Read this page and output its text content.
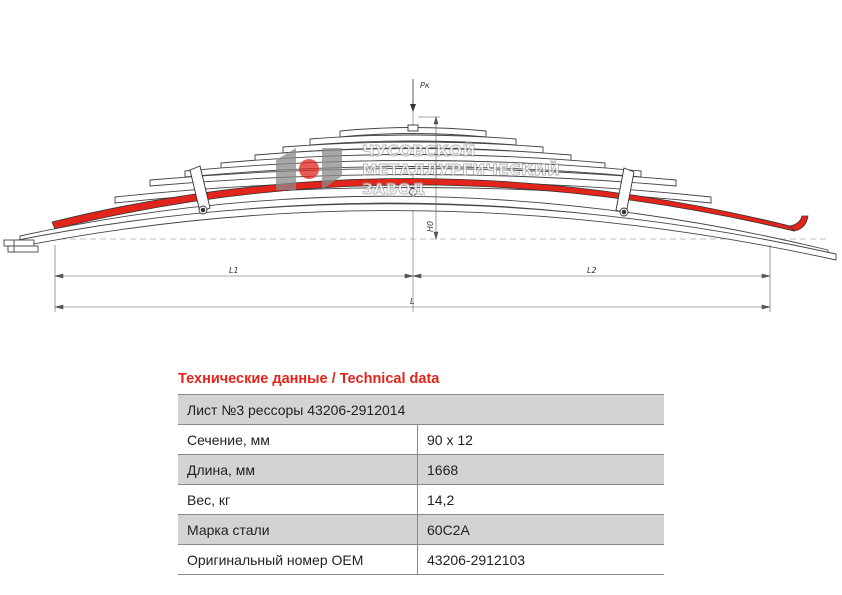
ЧУСОВСКОЙ
МЕТАЛЛУРГИЧЕСКИЙ
ЗАВОД
Pк
H0
L1	L2
L
Технические данные / Technical data
Лист №3 рессоры 43206-2912014	
Сечение, мм	90 x 12
Длина, мм	1668
Вес, кг	14,2
Марка стали	60С2А
Оригинальный номер OEM	43206-2912103
